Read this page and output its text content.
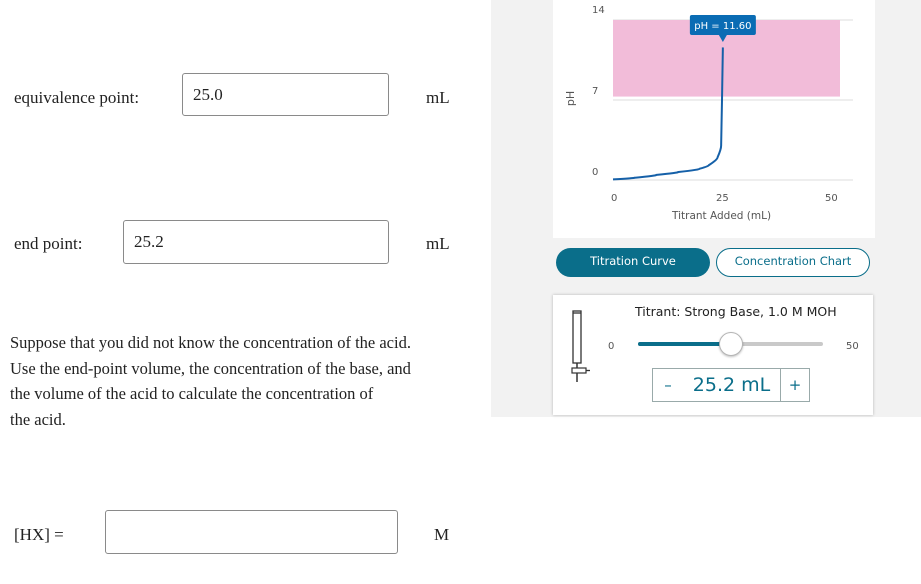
equivalence point:	25.0	mL
end point:	25.2	mL
Suppose that you did not know the concentration of the acid.
Use the end-point volume, the concentration of the base, and
the volume of the acid to calculate the concentration of
the acid.
[HX] =	M
pH
14
7
0
pH = 11.60
0	25	50
Titrant Added (mL)
Titration Curve	Concentration Chart
Titrant: Strong Base, 1.0 M MOH
0	50
–	25.2 mL	+
